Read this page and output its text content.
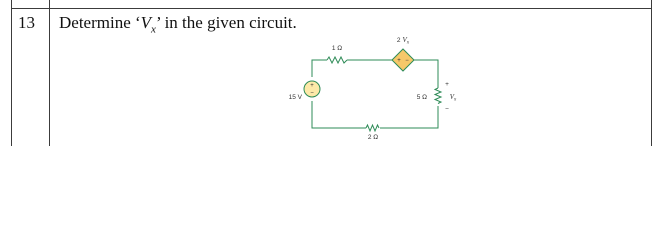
13 Determine ‘$V_x$’ in the given circuit.
+
−
+ −
1 Ω
2 Ω
5 Ω
15 V
2 Vx
+
Vx
−
